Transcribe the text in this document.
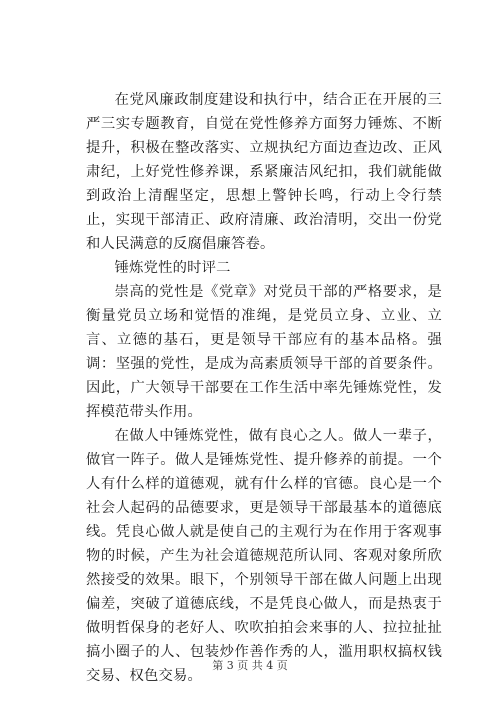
在党风廉政制度建设和执行中，结合正在开展的三严三实专题教育，自觉在党性修养方面努力锤炼、不断提升，积极在整改落实、立规执纪方面边查边改、正风肃纪，上好党性修养课，系紧廉洁风纪扣，我们就能做到政治上清醒坚定，思想上警钟长鸣，行动上令行禁止，实现干部清正、政府清廉、政治清明，交出一份党和人民满意的反腐倡廉答卷。

锤炼党性的时评二

崇高的党性是《党章》对党员干部的严格要求，是衡量党员立场和觉悟的准绳，是党员立身、立业、立言、立德的基石，更是领导干部应有的基本品格。强调：坚强的党性，是成为高素质领导干部的首要条件。因此，广大领导干部要在工作生活中率先锤炼党性，发挥模范带头作用。

在做人中锤炼党性，做有良心之人。做人一辈子，做官一阵子。做人是锤炼党性、提升修养的前提。一个人有什么样的道德观，就有什么样的官德。良心是一个社会人起码的品德要求，更是领导干部最基本的道德底线。凭良心做人就是使自己的主观行为在作用于客观事物的时候，产生为社会道德规范所认同、客观对象所欣然接受的效果。眼下，个别领导干部在做人问题上出现偏差，突破了道德底线，不是凭良心做人，而是热衷于做明哲保身的老好人、吹吹拍拍会来事的人、拉拉扯扯搞小圈子的人、包装炒作善作秀的人，滥用职权搞权钱交易、权色交易。

第 3 页 共 4 页
